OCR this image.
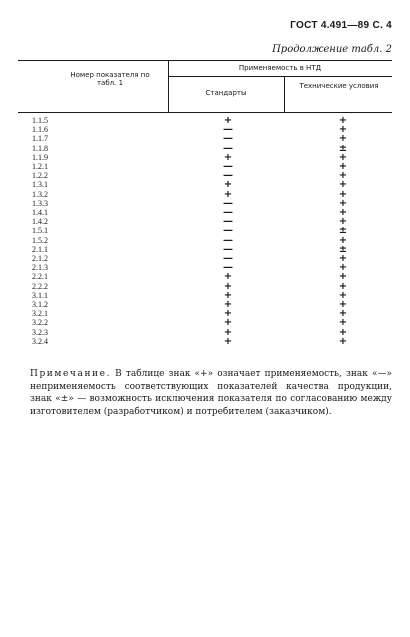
ГОСТ 4.491—89 С. 4
Продолжение табл. 2
Номер показателя по табл. 1
Применяемость в НТД
Стандарты
Технические условия
1.1.5	+	+
1.1.6	—	+
1.1.7	—	+
1.1.8	—	±
1.1.9	+	+
1.2.1	—	+
1.2.2	—	+
1.3.1	+	+
1.3.2	+	+
1.3.3	—	+
1.4.1	—	+
1.4.2	—	+
1.5.1	—	±
1.5.2	—	+
2.1.1	—	±
2.1.2	—	+
2.1.3	—	+
2.2.1	+	+
2.2.2	+	+
3.1.1	+	+
3.1.2	+	+
3.2.1	+	+
3.2.2	+	+
3.2.3	+	+
3.2.4	+	+
Примечание. В таблице знак «+» означает применяемость, знак «—» неприменяемость соответствующих показателей качества продукции, знак «±» — возможность исключения показателя по согласованию между изготовителем (разработчиком) и потребителем (заказчиком).
